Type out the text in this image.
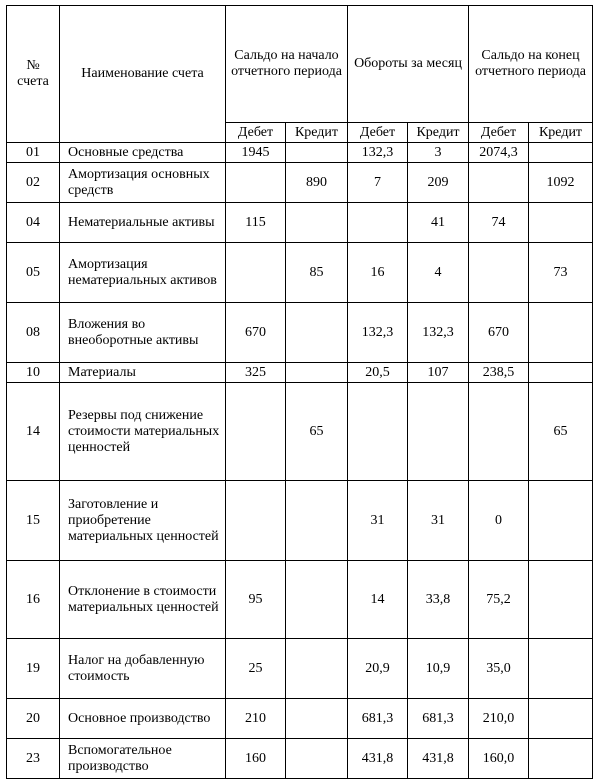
№ счета	Наименование счета	Сальдо на начало отчетного периода		Обороты за месяц		Сальдо на конец отчетного периода	
		Дебет	Кредит	Дебет	Кредит	Дебет	Кредит
01	Основные средства	1945		132,3	3	2074,3	
02	Амортизация основных средств		890	7	209		1092
04	Нематериальные активы	115			41	74	
05	Амортизация нематериальных активов		85	16	4		73
08	Вложения во внеоборотные активы	670		132,3	132,3	670	
10	Материалы	325		20,5	107	238,5	
14	Резервы под снижение стоимости материальных ценностей		65				65
15	Заготовление и приобретение материальных ценностей			31	31	0	
16	Отклонение в стоимости материальных ценностей	95		14	33,8	75,2	
19	Налог на добавленную стоимость	25		20,9	10,9	35,0	
20	Основное производство	210		681,3	681,3	210,0	
23	Вспомогательное производство	160		431,8	431,8	160,0	
